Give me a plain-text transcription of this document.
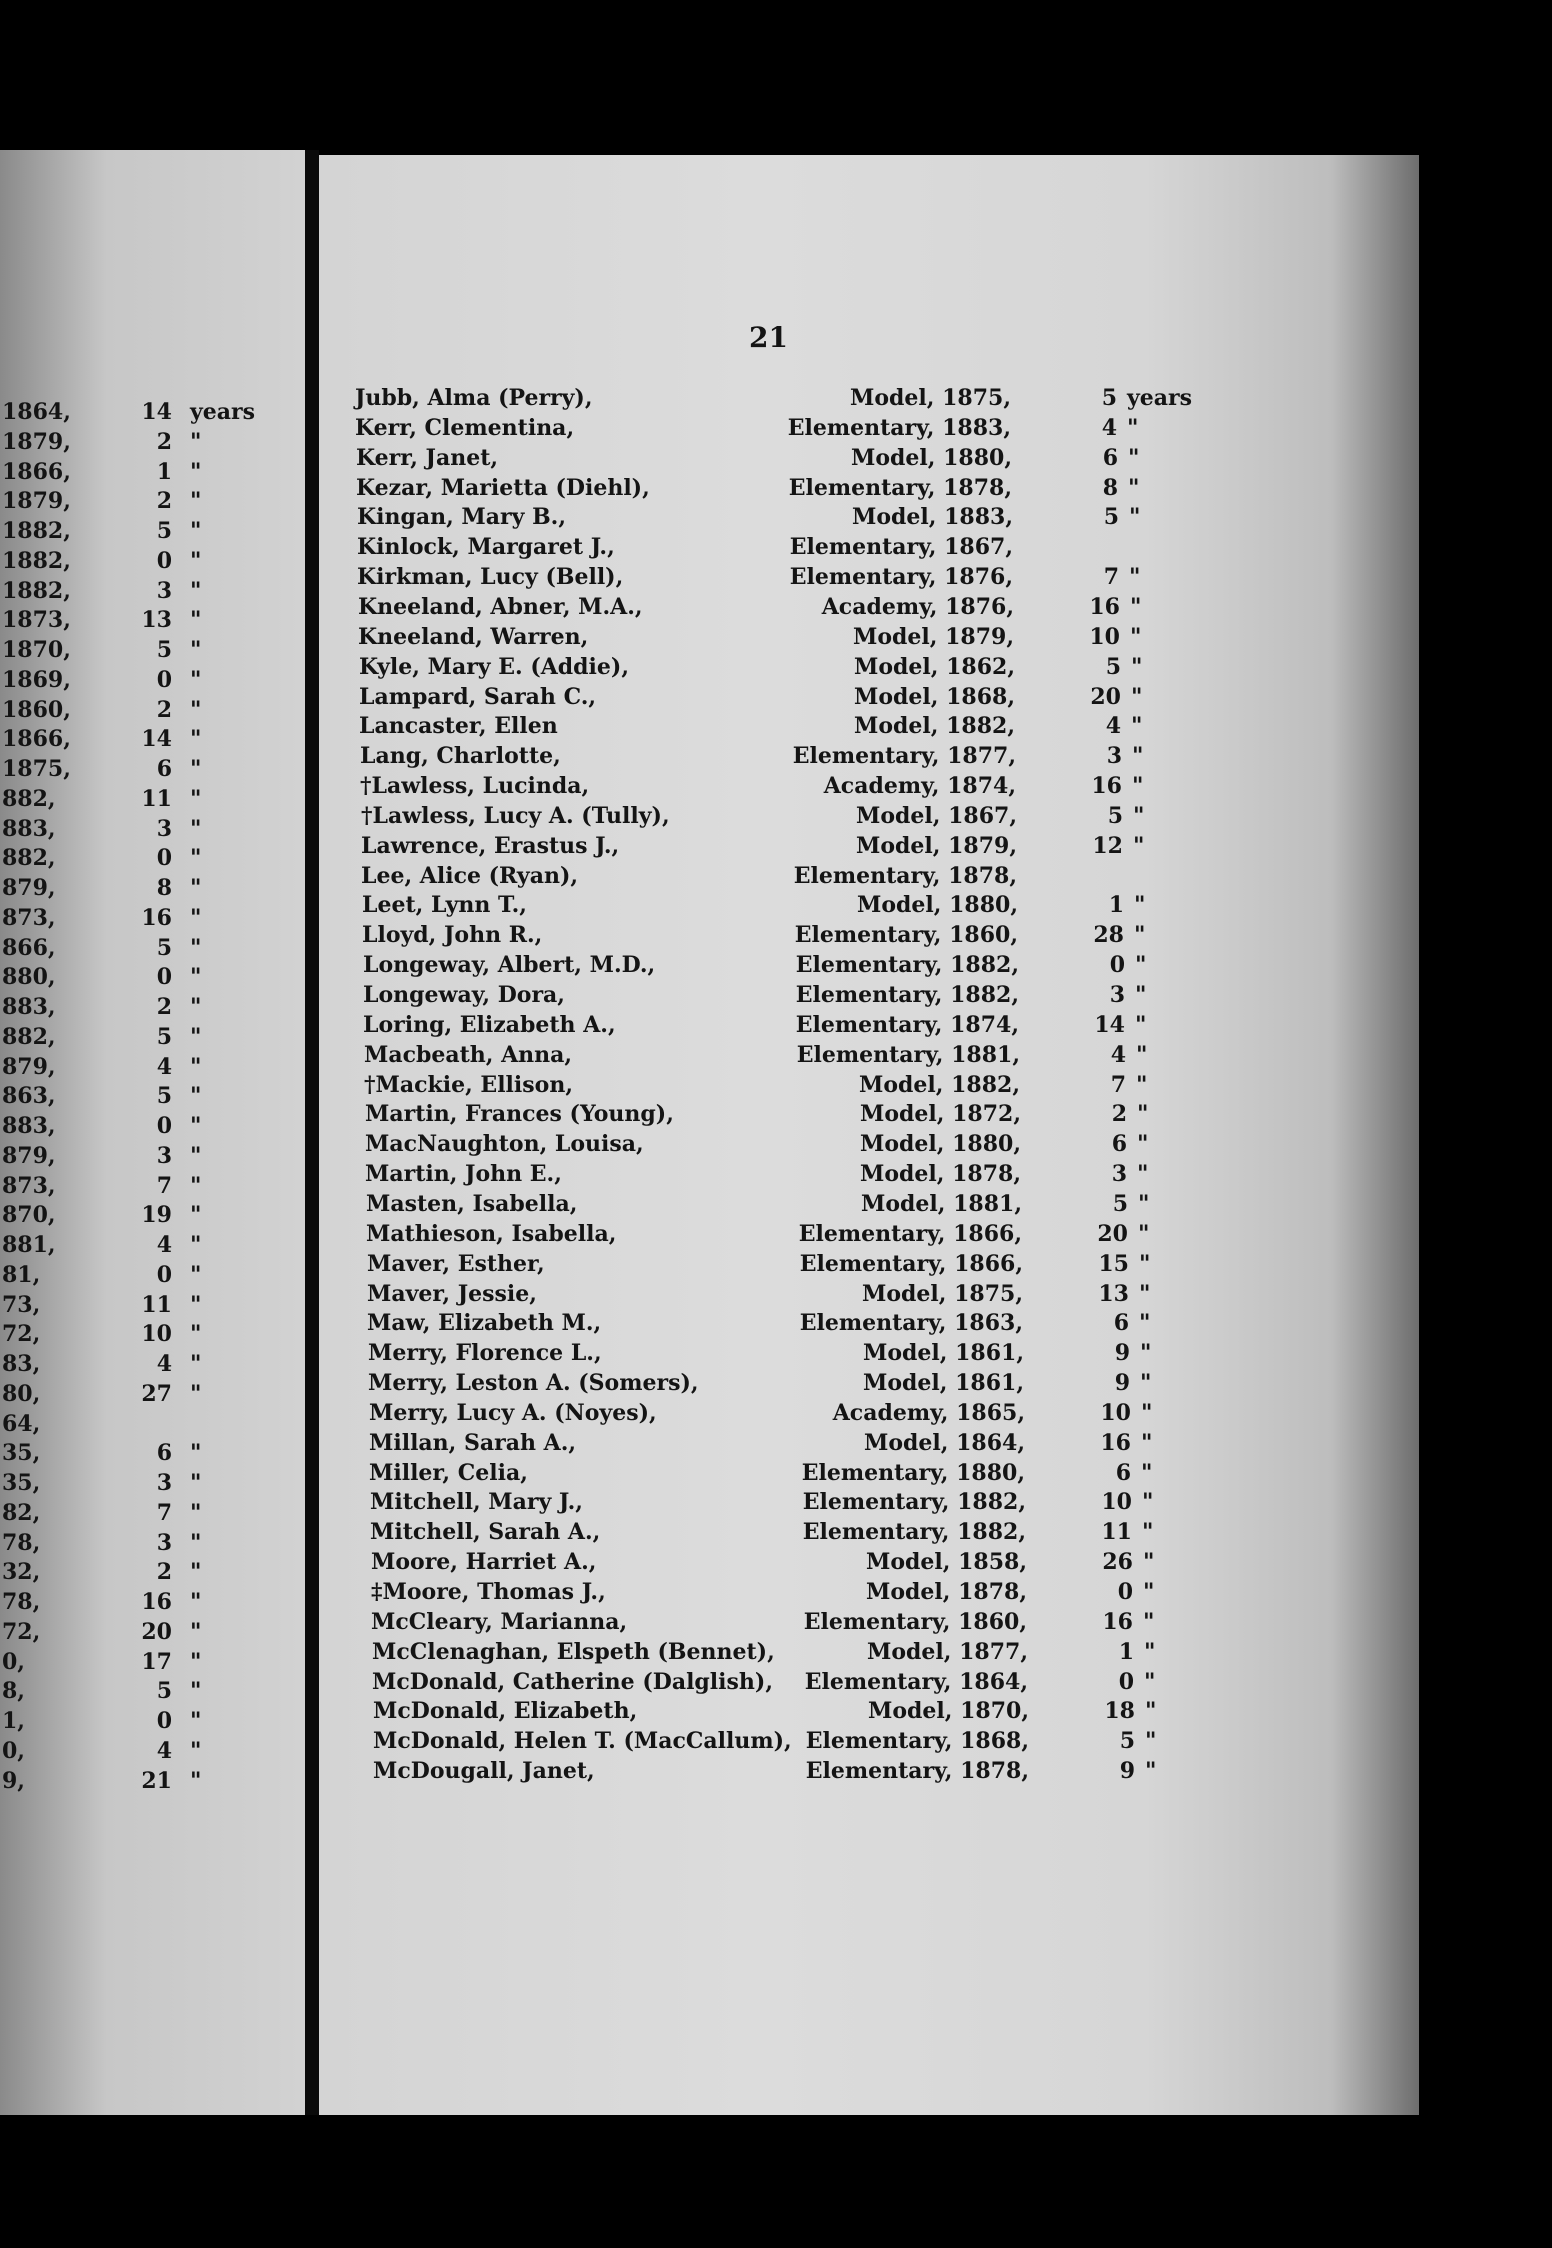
1864,	14 years
1879,	2 "
1866,	1 "
1879,	2 "
1882,	5 "
1882,	0 "
1882,	3 "
1873,	13 "
1870,	5 "
1869,	0 "
1860,	2 "
1866,	14 "
1875,	6 "
882,	11 "
883,	3 "
882,	0 "
879,	8 "
873,	16 "
866,	5 "
880,	0 "
883,	2 "
882,	5 "
879,	4 "
863,	5 "
883,	0 "
879,	3 "
873,	7 "
870,	19 "
881,	4 "
81,	0 "
73,	11 "
72,	10 "
83,	4 "
80,	27 "
64,
35,	6 "
35,	3 "
82,	7 "
78,	3 "
32,	2 "
78,	16 "
72,	20 "
0,	17 "
8,	5 "
1,	0 "
0,	4 "
9,	21 "
21
Jubb, Alma (Perry),	Model, 1875,	5 years
Kerr, Clementina,	Elementary, 1883,	4 "
Kerr, Janet,	Model, 1880,	6 "
Kezar, Marietta (Diehl),	Elementary, 1878,	8 "
Kingan, Mary B.,	Model, 1883,	5 "
Kinlock, Margaret J.,	Elementary, 1867,
Kirkman, Lucy (Bell),	Elementary, 1876,	7 "
Kneeland, Abner, M.A.,	Academy, 1876,	16 "
Kneeland, Warren,	Model, 1879,	10 "
Kyle, Mary E. (Addie),	Model, 1862,	5 "
Lampard, Sarah C.,	Model, 1868,	20 "
Lancaster, Ellen	Model, 1882,	4 "
Lang, Charlotte,	Elementary, 1877,	3 "
†Lawless, Lucinda,	Academy, 1874,	16 "
†Lawless, Lucy A. (Tully),	Model, 1867,	5 "
Lawrence, Erastus J.,	Model, 1879,	12 "
Lee, Alice (Ryan),	Elementary, 1878,
Leet, Lynn T.,	Model, 1880,	1 "
Lloyd, John R.,	Elementary, 1860,	28 "
Longeway, Albert, M.D.,	Elementary, 1882,	0 "
Longeway, Dora,	Elementary, 1882,	3 "
Loring, Elizabeth A.,	Elementary, 1874,	14 "
Macbeath, Anna,	Elementary, 1881,	4 "
†Mackie, Ellison,	Model, 1882,	7 "
Martin, Frances (Young),	Model, 1872,	2 "
MacNaughton, Louisa,	Model, 1880,	6 "
Martin, John E.,	Model, 1878,	3 "
Masten, Isabella,	Model, 1881,	5 "
Mathieson, Isabella,	Elementary, 1866,	20 "
Maver, Esther,	Elementary, 1866,	15 "
Maver, Jessie,	Model, 1875,	13 "
Maw, Elizabeth M.,	Elementary, 1863,	6 "
Merry, Florence L.,	Model, 1861,	9 "
Merry, Leston A. (Somers),	Model, 1861,	9 "
Merry, Lucy A. (Noyes),	Academy, 1865,	10 "
Millan, Sarah A.,	Model, 1864,	16 "
Miller, Celia,	Elementary, 1880,	6 "
Mitchell, Mary J.,	Elementary, 1882,	10 "
Mitchell, Sarah A.,	Elementary, 1882,	11 "
Moore, Harriet A.,	Model, 1858,	26 "
‡Moore, Thomas J.,	Model, 1878,	0 "
McCleary, Marianna,	Elementary, 1860,	16 "
McClenaghan, Elspeth (Bennet),	Model, 1877,	1 "
McDonald, Catherine (Dalglish),	Elementary, 1864,	0 "
McDonald, Elizabeth,	Model, 1870,	18 "
McDonald, Helen T. (MacCallum), Elementary, 1868,	5 "
McDougall, Janet,	Elementary, 1878,	9 "
